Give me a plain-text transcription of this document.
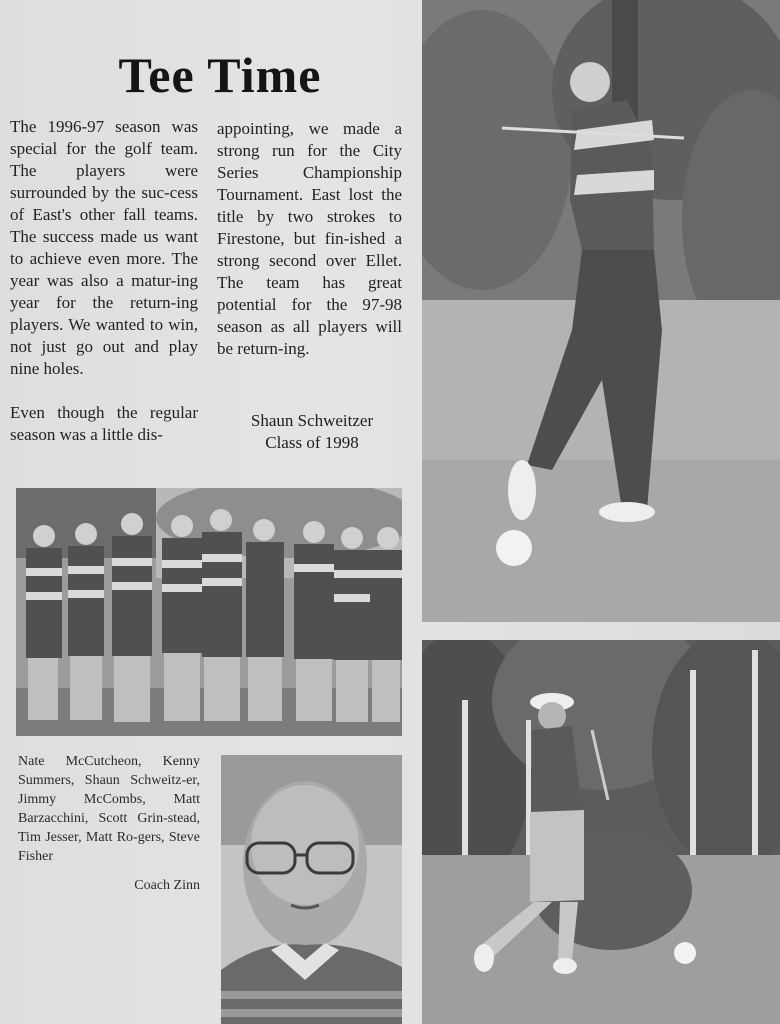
Tee Time

The 1996-97 season was special for the golf team. The players were surrounded by the suc-cess of East's other fall teams. The success made us want to achieve even more. The year was also a matur-ing year for the return-ing players. We wanted to win, not just go out and play nine holes.

Even though the regular season was a little dis-

appointing, we made a strong run for the City Series Championship Tournament. East lost the title by two strokes to Firestone, but fin-ished a strong second over Ellet. The team has great potential for the 97-98 season as all players will be return-ing.

Shaun Schweitzer
Class of 1998
Nate McCutcheon, Kenny Summers, Shaun Schweitz-er, Jimmy McCombs, Matt Barzacchini, Scott Grin-stead, Tim Jesser, Matt Ro-gers, Steve Fisher
Coach Zinn
